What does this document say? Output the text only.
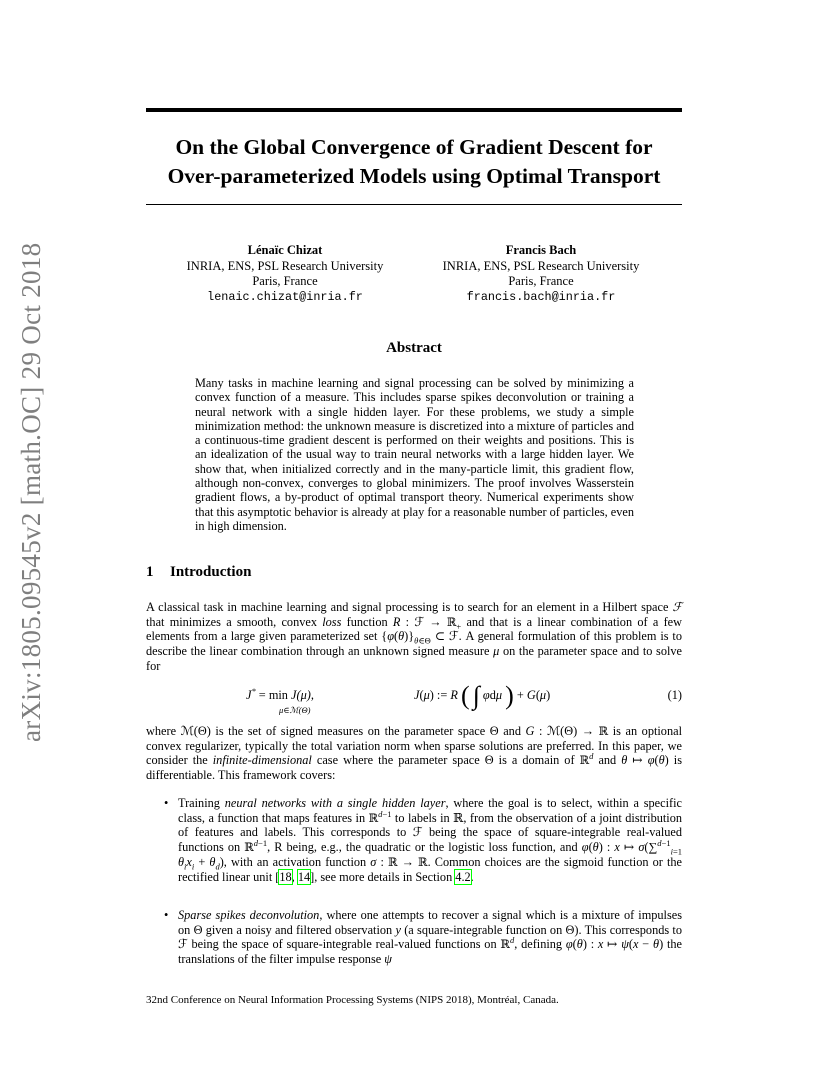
On the Global Convergence of Gradient Descent for
Over-parameterized Models using Optimal Transport
arXiv:1805.09545v2 [math.OC] 29 Oct 2018	Lénaïc Chizat
INRIA, ENS, PSL Research University
Paris, France
lenaic.chizat@inria.fr
Francis Bach
INRIA, ENS, PSL Research University
Paris, France
francis.bach@inria.fr
Abstract
Many tasks in machine learning and signal processing can be solved by minimizing a convex function of a measure. This includes sparse spikes deconvolution or training a neural network with a single hidden layer. For these problems, we study a simple minimization method: the unknown measure is discretized into a mixture of particles and a continuous-time gradient descent is performed on their weights and positions. This is an idealization of the usual way to train neural networks with a large hidden layer. We show that, when initialized correctly and in the many-particle limit, this gradient flow, although non-convex, converges to global minimizers. The proof involves Wasserstein gradient flows, a by-product of optimal transport theory. Numerical experiments show that this asymptotic behavior is already at play for a reasonable number of particles, even in high dimension.
1 Introduction
A classical task in machine learning and signal processing is to search for an element in a Hilbert space ℱ that minimizes a smooth, convex loss function R : ℱ → ℝ$_+$ and that is a linear combination of a few elements from a large given parameterized set $\{\varphi(\theta)\}_{\theta\in\Theta}$ ⊂ ℱ. A general formulation of this problem is to describe the linear combination through an unknown signed measure μ on the parameter space and to solve for
J* = min J(μ),
μ∈ℳ(Θ)
J(μ) := R ( ∫ φdμ ) + G(μ)	(1)
where ℳ(Θ) is the set of signed measures on the parameter space Θ and G : ℳ(Θ) → ℝ is an optional convex regularizer, typically the total variation norm when sparse solutions are preferred. In this paper, we consider the infinite-dimensional case where the parameter space Θ is a domain of ℝ$^d$ and θ ↦ φ(θ) is differentiable. This framework covers:
• Training neural networks with a single hidden layer, where the goal is to select, within a specific class, a function that maps features in ℝ$^{d-1}$ to labels in ℝ, from the observation of a joint distribution of features and labels. This corresponds to ℱ being the space of square-integrable real-valued functions on ℝ$^{d-1}$, R being, e.g., the quadratic or the logistic loss function, and φ(θ) : x ↦ σ(∑$^{d-1}_{i=1}$ $\theta_ix_i + \theta_d$), with an activation function σ : ℝ → ℝ. Common choices are the sigmoid function or the rectified linear unit [18, 14], see more details in Section 4.2.
• Sparse spikes deconvolution, where one attempts to recover a signal which is a mixture of impulses on Θ given a noisy and filtered observation y (a square-integrable function on Θ). This corresponds to ℱ being the space of square-integrable real-valued functions on ℝ$^d$, defining φ(θ) : x ↦ ψ(x − θ) the translations of the filter impulse response ψ
32nd Conference on Neural Information Processing Systems (NIPS 2018), Montréal, Canada.
